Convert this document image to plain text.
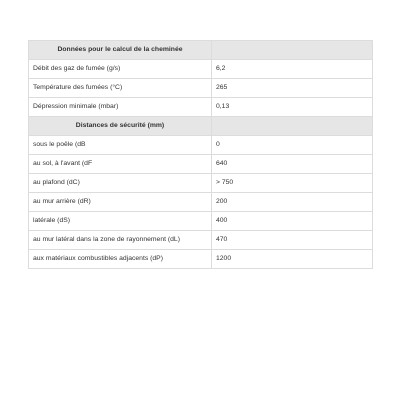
Données pour le calcul de la cheminée	
Débit des gaz de fumée (g/s)	6,2
Température des fumées (°C)	265
Dépression minimale (mbar)	0,13
Distances de sécurité (mm)	
sous le poêle (dB	0
au sol, à l'avant (dF	640
au plafond (dC)	> 750
au mur arrière (dR)	200
latérale (dS)	400
au mur latéral dans la zone de rayonnement (dL)	470
aux matériaux combustibles adjacents (dP)	1200
